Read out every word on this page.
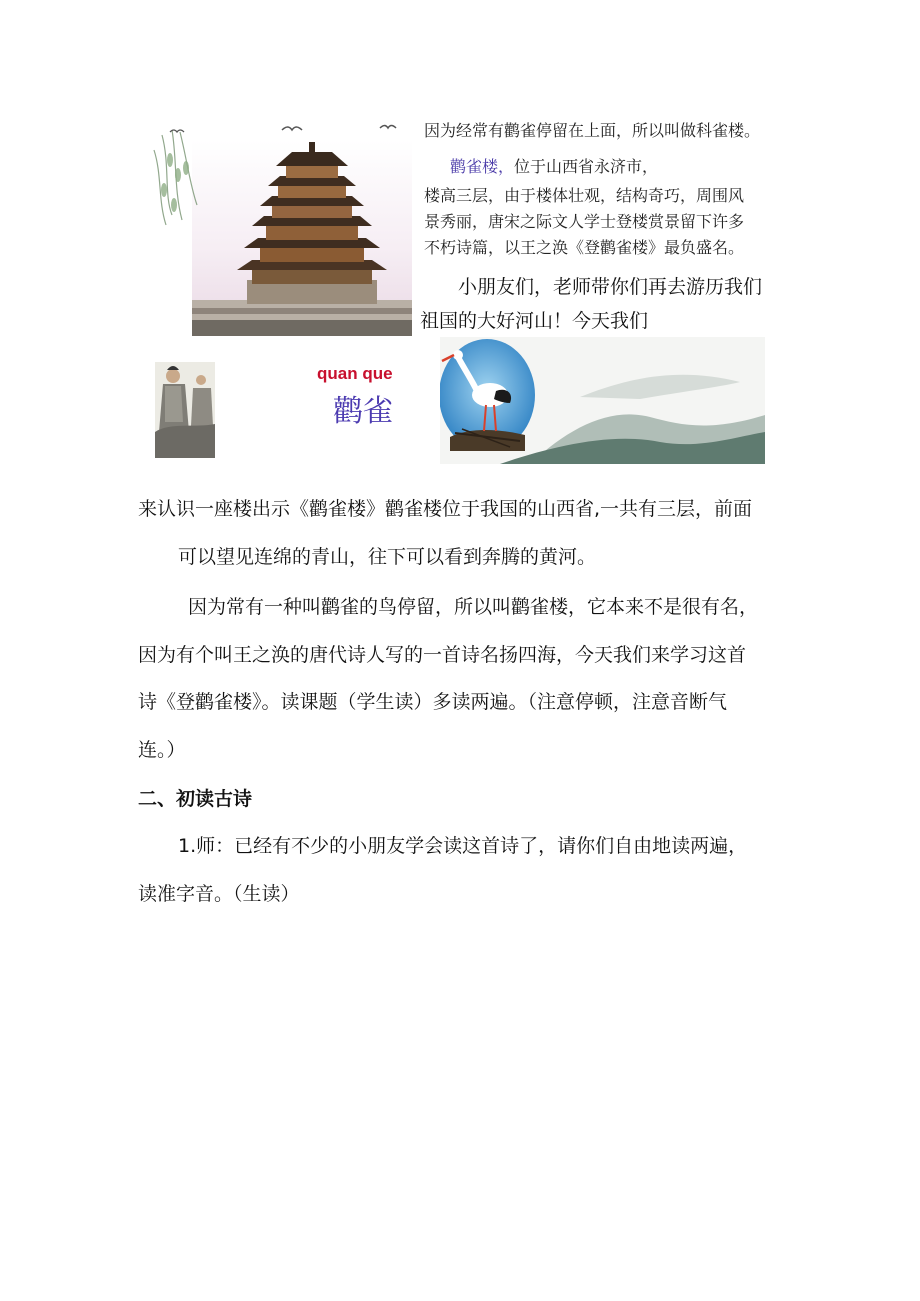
因为经常有鹳雀停留在上面，所以叫做科雀楼。
鹳雀楼，位于山西省永济市，
楼高三层，由于楼体壮观，结构奇巧，周围风
景秀丽，唐宋之际文人学士登楼赏景留下许多
不朽诗篇，以王之涣《登鹳雀楼》最负盛名。
小朋友们，老师带你们再去游历我们
祖国的大好河山！今天我们
quan que
鹳雀
来认识一座楼出示《鹳雀楼》鹳雀楼位于我国的山西省,一共有三层，前面
可以望见连绵的青山，往下可以看到奔腾的黄河。
因为常有一种叫鹳雀的鸟停留，所以叫鹳雀楼，它本来不是很有名，
因为有个叫王之涣的唐代诗人写的一首诗名扬四海，今天我们来学习这首
诗《登鹳雀楼》。读课题（学生读）多读两遍。（注意停顿，注意音断气
连。）
二、初读古诗
1.师：已经有不少的小朋友学会读这首诗了，请你们自由地读两遍，
读准字音。（生读）
